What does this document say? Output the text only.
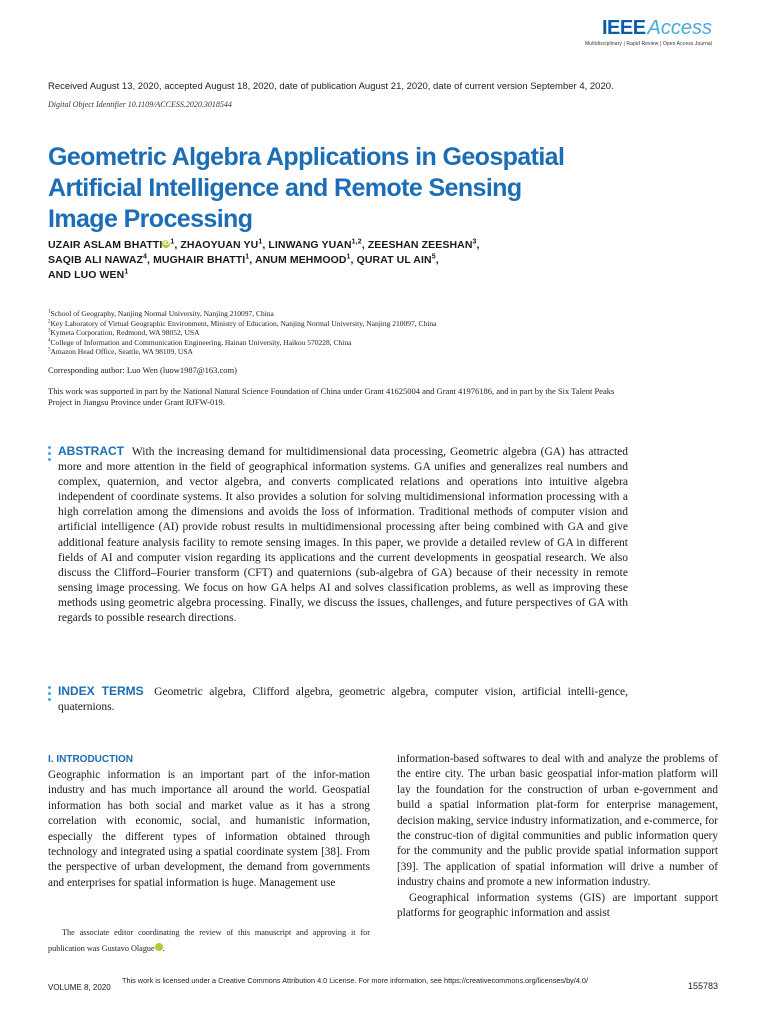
IEEE Access
Multidisciplinary | Rapid Review | Open Access Journal
Received August 13, 2020, accepted August 18, 2020, date of publication August 21, 2020, date of current version September 4, 2020.
Digital Object Identifier 10.1109/ACCESS.2020.3018544
Geometric Algebra Applications in Geospatial
Artificial Intelligence and Remote Sensing
Image Processing
UZAIR ASLAM BHATTIiD$^1$, ZHAOYUAN $YU^1$, LINWANG YUAN$^{1,2}$, ZEESHAN ZEESHAN$^3$,
SAQIB ALI NAWAZ$^4$, MUGHAIR BHATTI$^1$, ANUM MEHMOOD$^1$, QURAT UL AIN$^5$,
AND LUO WEN$^1$
$^1$School of Geography, Nanjing Normal University, Nanjing 210097, China
$^2$Key Laboratory of Virtual Geographic Environment, Ministry of Education, Nanjing Normal University, Nanjing 210097, China
$^3$Kymeta Corporation, Redmond, WA 98052, USA
$^4$College of Information and Communication Engineering, Hainan University, Haikou 570228, China
$^5$Amazon Head Office, Seattle, WA 98109, USA
Corresponding author: Luo Wen (luow1987@163.com)
This work was supported in part by the National Natural Science Foundation of China under Grant 41625004 and Grant 41976186, and in part by the Six Talent Peaks Project in Jiangsu Province under Grant RJFW-019.

ABSTRACT With the increasing demand for multidimensional data processing, Geometric algebra (GA) has attracted more and more attention in the field of geographical information systems. GA unifies and generalizes real numbers and complex, quaternion, and vector algebra, and converts complicated relations and operations into intuitive algebra independent of coordinate systems. It also provides a solution for solving multidimensional information processing with a high correlation among the dimensions and avoids the loss of information. Traditional methods of computer vision and artificial intelligence (AI) provide robust results in multidimensional processing after being combined with GA and give additional feature analysis facility to remote sensing images. In this paper, we provide a detailed review of GA in different fields of AI and computer vision regarding its applications and the current developments in geospatial research. We also discuss the Clifford–Fourier transform (CFT) and quaternions (sub-algebra of GA) because of their necessity in remote sensing image processing. We focus on how GA helps AI and solves classification problems, as well as improving these methods using geometric algebra processing. Finally, we discuss the issues, challenges, and future perspectives of GA with regards to possible research directions.

INDEX TERMS Geometric algebra, Clifford algebra, geometric algebra, computer vision, artificial intelli-gence, quaternions.

I. INTRODUCTION

Geographic information is an important part of the infor-mation industry and has much importance all around the world. Geospatial information has both social and market value as it has a strong correlation with economic, social, and humanistic information, especially the different types of information obtained through technology and integrated using a spatial coordinate system [38]. From the perspective of urban development, the demand from governments and enterprises for spatial information is huge. Management use

information-based softwares to deal with and analyze the problems of the entire city. The urban basic geospatial infor-mation platform will lay the foundation for the construction of urban e-government and build a spatial information plat-form for enterprise management, decision making, service industry informatization, and e-commerce, for the construc-tion of digital communities and public information query for the community and the public provide spatial information support [39]. The application of spatial information will drive a number of industry chains and promote a new information industry.

Geographical information systems (GIS) are important support platforms for geographic information and assist

The associate editor coordinating the review of this manuscript and approving it for publication was Gustavo Olague iD.

VOLUME 8, 2020
This work is licensed under a Creative Commons Attribution 4.0 License. For more information, see https://creativecommons.org/licenses/by/4.0/
155783
